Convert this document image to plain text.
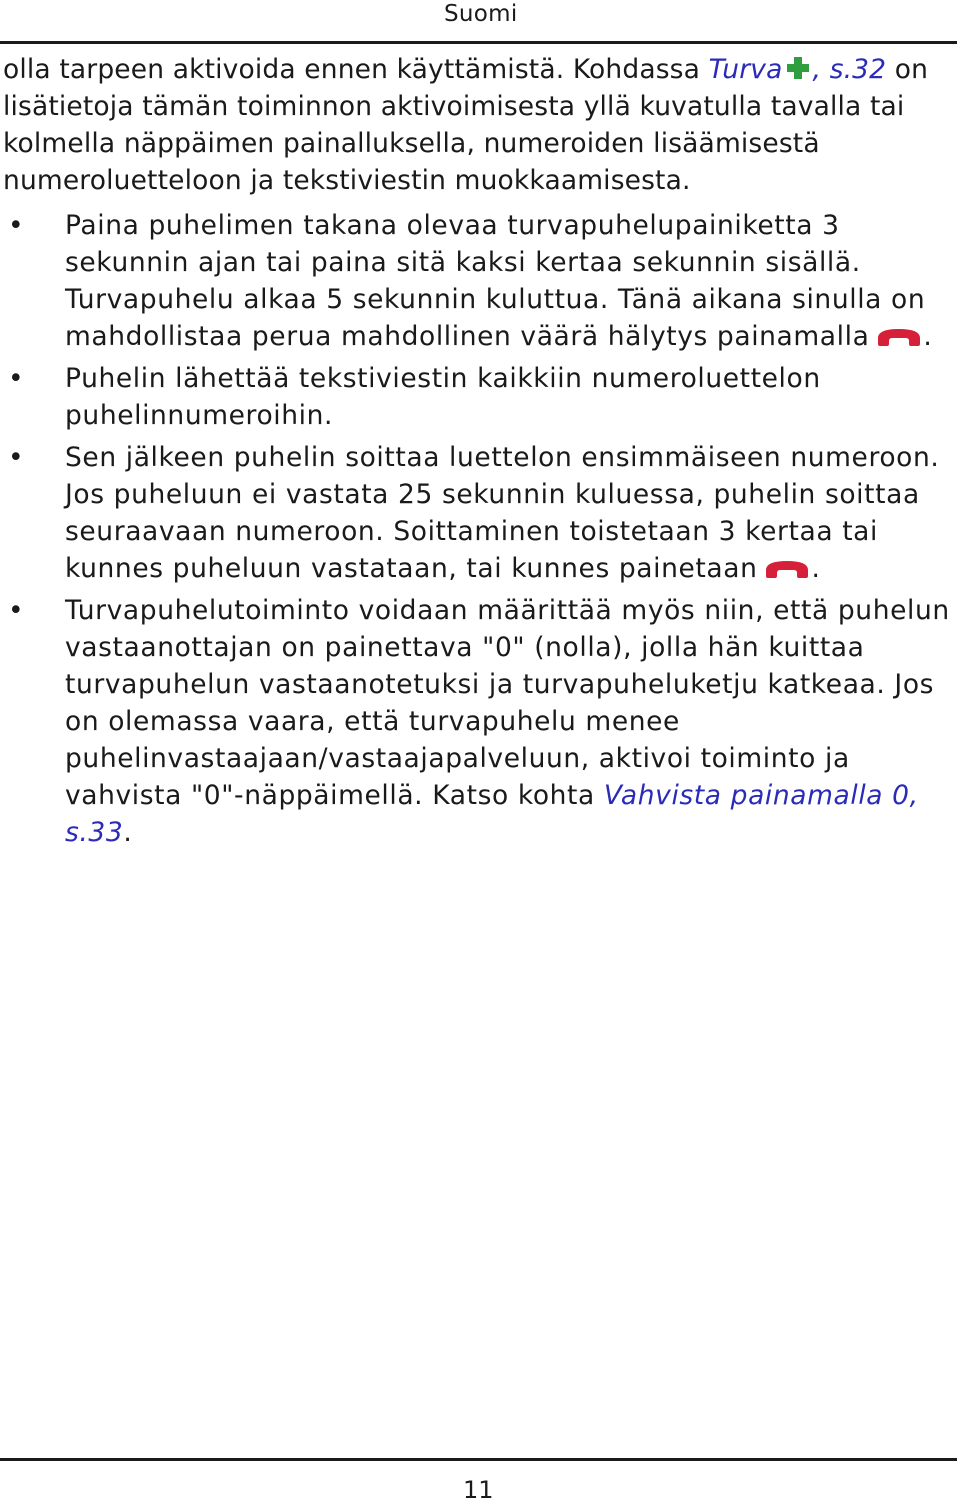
Suomi

olla tarpeen aktivoida ennen käyttämistä. Kohdassa Turva , s.32 on lisätietoja tämän toiminnon aktivoimisesta yllä kuvatulla tavalla tai kolmella näppäimen painalluksella, numeroiden lisäämisestä numeroluetteloon ja tekstiviestin muokkaamisesta.

• Paina puhelimen takana olevaa turvapuhelupainiketta 3 sekunnin ajan tai paina sitä kaksi kertaa sekunnin sisällä. Turvapuhelu alkaa 5 sekunnin kuluttua. Tänä aikana sinulla on mahdollistaa perua mahdollinen väärä hälytys painamalla .
• Puhelin lähettää tekstiviestin kaikkiin numeroluettelon puhelinnumeroihin.
• Sen jälkeen puhelin soittaa luettelon ensimmäiseen numeroon. Jos puheluun ei vastata 25 sekunnin kuluessa, puhelin soittaa seuraavaan numeroon. Soittaminen toistetaan 3 kertaa tai kunnes puheluun vastataan, tai kunnes painetaan .
• Turvapuhelutoiminto voidaan määrittää myös niin, että puhelun vastaanottajan on painettava "0" (nolla), jolla hän kuittaa turvapuhelun vastaanotetuksi ja turvapuheluketju katkeaa. Jos on olemassa vaara, että turvapuhelu menee puhelinvastaajaan/vastaajapalveluun, aktivoi toiminto ja vahvista "0"-näppäimellä. Katso kohta Vahvista painamalla 0, s.33.
11
